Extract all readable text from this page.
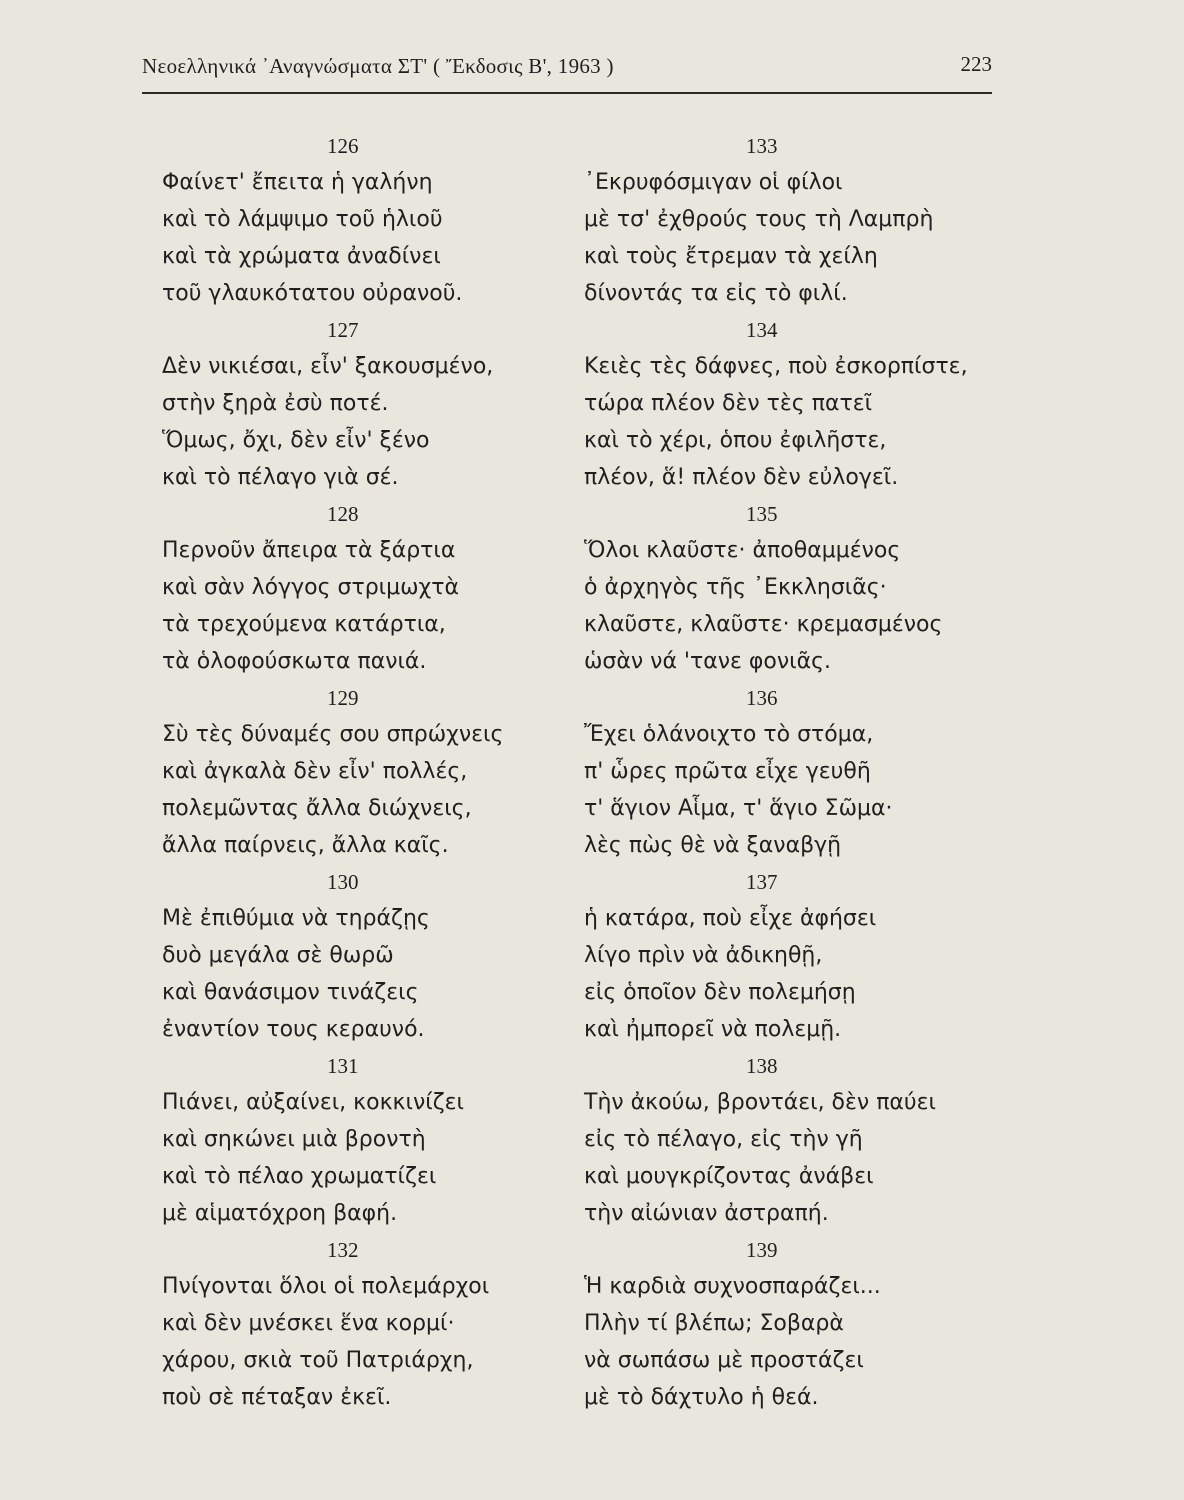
Νεοελληνικά ᾿Αναγνώσματα ΣΤ' ( Ἔκδοσις Β', 1963 )	223
126
Φαίνετ' ἔπειτα ἡ γαλήνη
καὶ τὸ λάμψιμο τοῦ ἡλιοῦ
καὶ τὰ χρώματα ἀναδίνει
τοῦ γλαυκότατου οὐρανοῦ.
127
Δὲν νικιέσαι, εἶν' ξακουσμένο,
στὴν ξηρὰ ἐσὺ ποτέ.
Ὅμως, ὄχι, δὲν εἶν' ξένο
καὶ τὸ πέλαγο γιὰ σέ.
128
Περνοῦν ἄπειρα τὰ ξάρτια
καὶ σὰν λόγγος στριμωχτὰ
τὰ τρεχούμενα κατάρτια,
τὰ ὁλοφούσκωτα πανιά.
129
Σὺ τὲς δύναμές σου σπρώχνεις
καὶ ἀγκαλὰ δὲν εἶν' πολλές,
πολεμῶντας ἄλλα διώχνεις,
ἄλλα παίρνεις, ἄλλα καῖς.
130
Μὲ ἐπιθύμια νὰ τηράζῃς
δυὸ μεγάλα σὲ θωρῶ
καὶ θανάσιμον τινάζεις
ἐναντίον τους κεραυνό.
131
Πιάνει, αὐξαίνει, κοκκινίζει
καὶ σηκώνει μιὰ βροντὴ
καὶ τὸ πέλαο χρωματίζει
μὲ αἱματόχροη βαφή.
132
Πνίγονται ὅλοι οἱ πολεμάρχοι
καὶ δὲν μνέσκει ἕνα κορμί·
χάρου, σκιὰ τοῦ Πατριάρχη,
ποὺ σὲ πέταξαν ἐκεῖ.
133
᾿Εκρυφόσμιγαν οἱ φίλοι
μὲ τσ' ἐχθρούς τους τὴ Λαμπρὴ
καὶ τοὺς ἔτρεμαν τὰ χείλη
δίνοντάς τα εἰς τὸ φιλί.
134
Κειὲς τὲς δάφνες, ποὺ ἐσκορπίστε,
τώρα πλέον δὲν τὲς πατεῖ
καὶ τὸ χέρι, ὁπου ἐφιλῆστε,
πλέον, ἅ! πλέον δὲν εὐλογεῖ.
135
Ὅλοι κλαῦστε· ἀποθαμμένος
ὁ ἀρχηγὸς τῆς ᾿Εκκλησιᾶς·
κλαῦστε, κλαῦστε· κρεμασμένος
ὡσὰν νά 'τανε φονιᾶς.
136
Ἔχει ὁλάνοιχτο τὸ στόμα,
π' ὧρες πρῶτα εἶχε γευθῆ
τ' ἅγιον Αἷμα, τ' ἅγιο Σῶμα·
λὲς πὼς θὲ νὰ ξαναβγῇ
137
ἡ κατάρα, ποὺ εἶχε ἀφήσει
λίγο πρὶν νὰ ἀδικηθῇ,
εἰς ὁποῖον δὲν πολεμήσῃ
καὶ ἠμπορεῖ νὰ πολεμῇ.
138
Τὴν ἀκούω, βροντάει, δὲν παύει
εἰς τὸ πέλαγο, εἰς τὴν γῆ
καὶ μουγκρίζοντας ἀνάβει
τὴν αἰώνιαν ἀστραπή.
139
Ἡ καρδιὰ συχνοσπαράζει...
Πλὴν τί βλέπω; Σοβαρὰ
νὰ σωπάσω μὲ προστάζει
μὲ τὸ δάχτυλο ἡ θεά.
